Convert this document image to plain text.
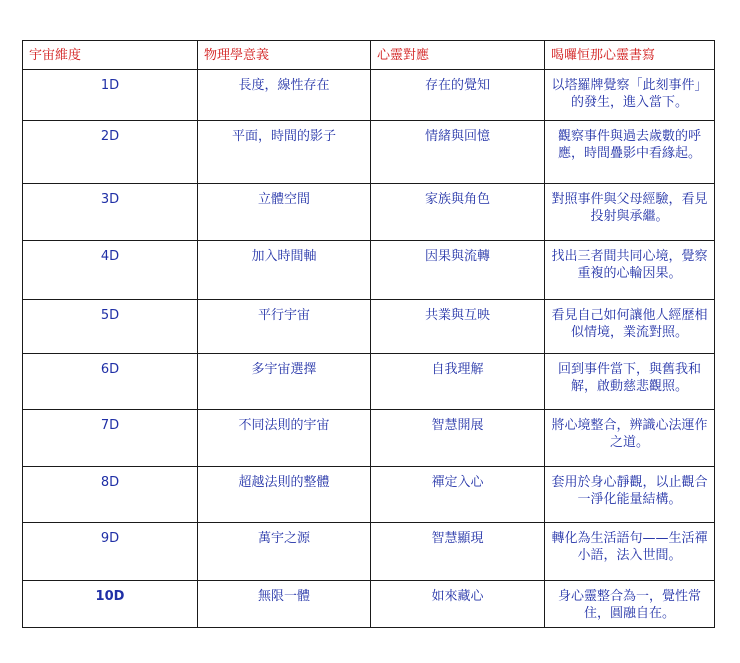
宇宙維度	物理學意義	心靈對應	喝囉恒那心靈書寫
1D	長度，線性存在	存在的覺知	以塔羅牌覺察「此刻事件」的發生，進入當下。
2D	平面，時間的影子	情緒與回憶	觀察事件與過去歲數的呼應，時間疊影中看緣起。
3D	立體空間	家族與角色	對照事件與父母經驗，看見投射與承繼。
4D	加入時間軸	因果與流轉	找出三者間共同心境，覺察重複的心輪因果。
5D	平行宇宙	共業與互映	看見自己如何讓他人經歷相似情境，業流對照。
6D	多宇宙選擇	自我理解	回到事件當下，與舊我和解，啟動慈悲觀照。
7D	不同法則的宇宙	智慧開展	將心境整合，辨識心法運作之道。
8D	超越法則的整體	禪定入心	套用於身心靜觀，以止觀合一淨化能量結構。
9D	萬宇之源	智慧顯現	轉化為生活語句——生活禪小語，法入世間。
10D	無限一體	如來藏心	身心靈整合為一，覺性常住，圓融自在。
